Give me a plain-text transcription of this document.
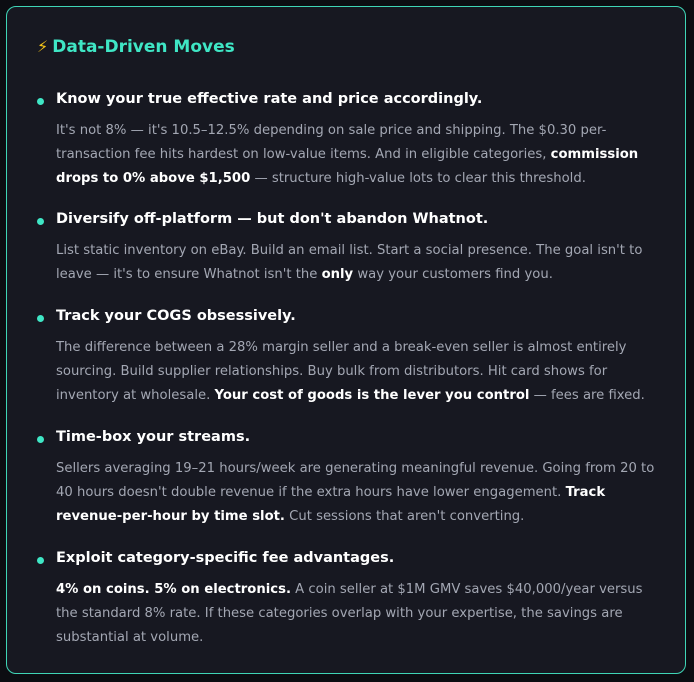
⚡ Data-Driven Moves
Know your true effective rate and price accordingly.
It's not 8% — it's 10.5–12.5% depending on sale price and shipping. The $0.30 per-transaction fee hits hardest on low-value items. And in eligible categories, commission drops to 0% above $1,500 — structure high-value lots to clear this threshold.
Diversify off-platform — but don't abandon Whatnot.
List static inventory on eBay. Build an email list. Start a social presence. The goal isn't to leave — it's to ensure Whatnot isn't the only way your customers find you.
Track your COGS obsessively.
The difference between a 28% margin seller and a break-even seller is almost entirely sourcing. Build supplier relationships. Buy bulk from distributors. Hit card shows for inventory at wholesale. Your cost of goods is the lever you control — fees are fixed.
Time-box your streams.
Sellers averaging 19–21 hours/week are generating meaningful revenue. Going from 20 to 40 hours doesn't double revenue if the extra hours have lower engagement. Track revenue-per-hour by time slot. Cut sessions that aren't converting.
Exploit category-specific fee advantages.
4% on coins. 5% on electronics. A coin seller at $1M GMV saves $40,000/year versus the standard 8% rate. If these categories overlap with your expertise, the savings are substantial at volume.
